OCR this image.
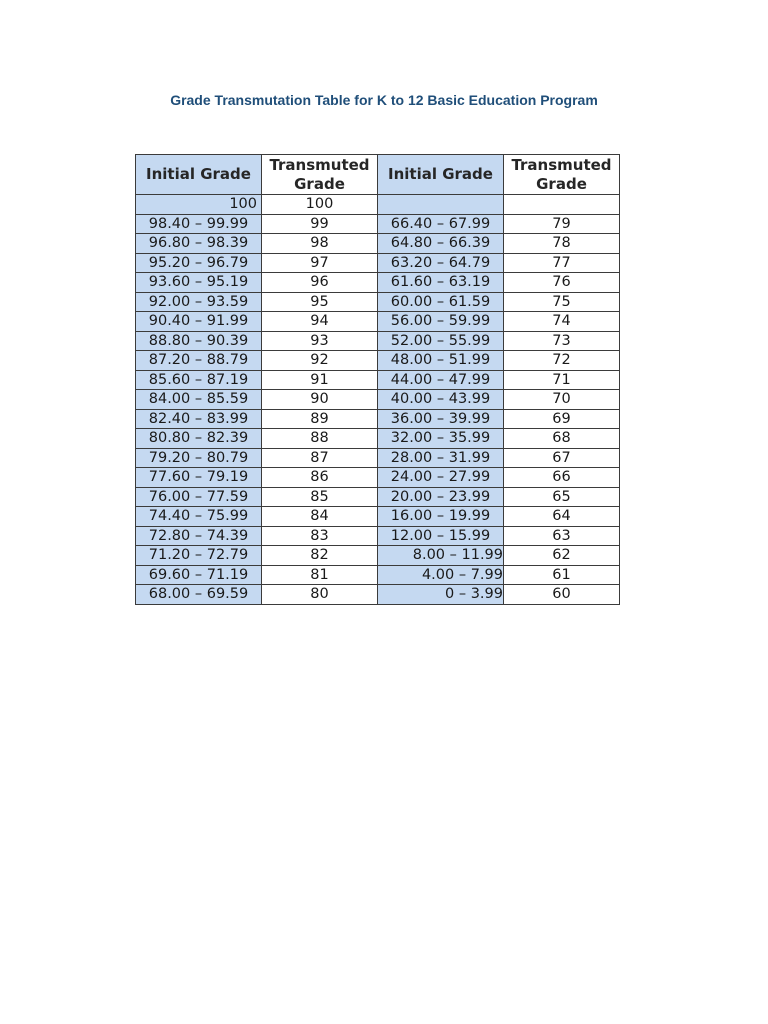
Grade Transmutation Table for K to 12 Basic Education Program
Initial Grade	Transmuted Grade	Initial Grade	Transmuted Grade
100	100		
98.40 – 99.99	99	66.40 – 67.99	79
96.80 – 98.39	98	64.80 – 66.39	78
95.20 – 96.79	97	63.20 – 64.79	77
93.60 – 95.19	96	61.60 – 63.19	76
92.00 – 93.59	95	60.00 – 61.59	75
90.40 – 91.99	94	56.00 – 59.99	74
88.80 – 90.39	93	52.00 – 55.99	73
87.20 – 88.79	92	48.00 – 51.99	72
85.60 – 87.19	91	44.00 – 47.99	71
84.00 – 85.59	90	40.00 – 43.99	70
82.40 – 83.99	89	36.00 – 39.99	69
80.80 – 82.39	88	32.00 – 35.99	68
79.20 – 80.79	87	28.00 – 31.99	67
77.60 – 79.19	86	24.00 – 27.99	66
76.00 – 77.59	85	20.00 – 23.99	65
74.40 – 75.99	84	16.00 – 19.99	64
72.80 – 74.39	83	12.00 – 15.99	63
71.20 – 72.79	82	8.00 – 11.99	62
69.60 – 71.19	81	4.00 – 7.99	61
68.00 – 69.59	80	0 – 3.99	60
